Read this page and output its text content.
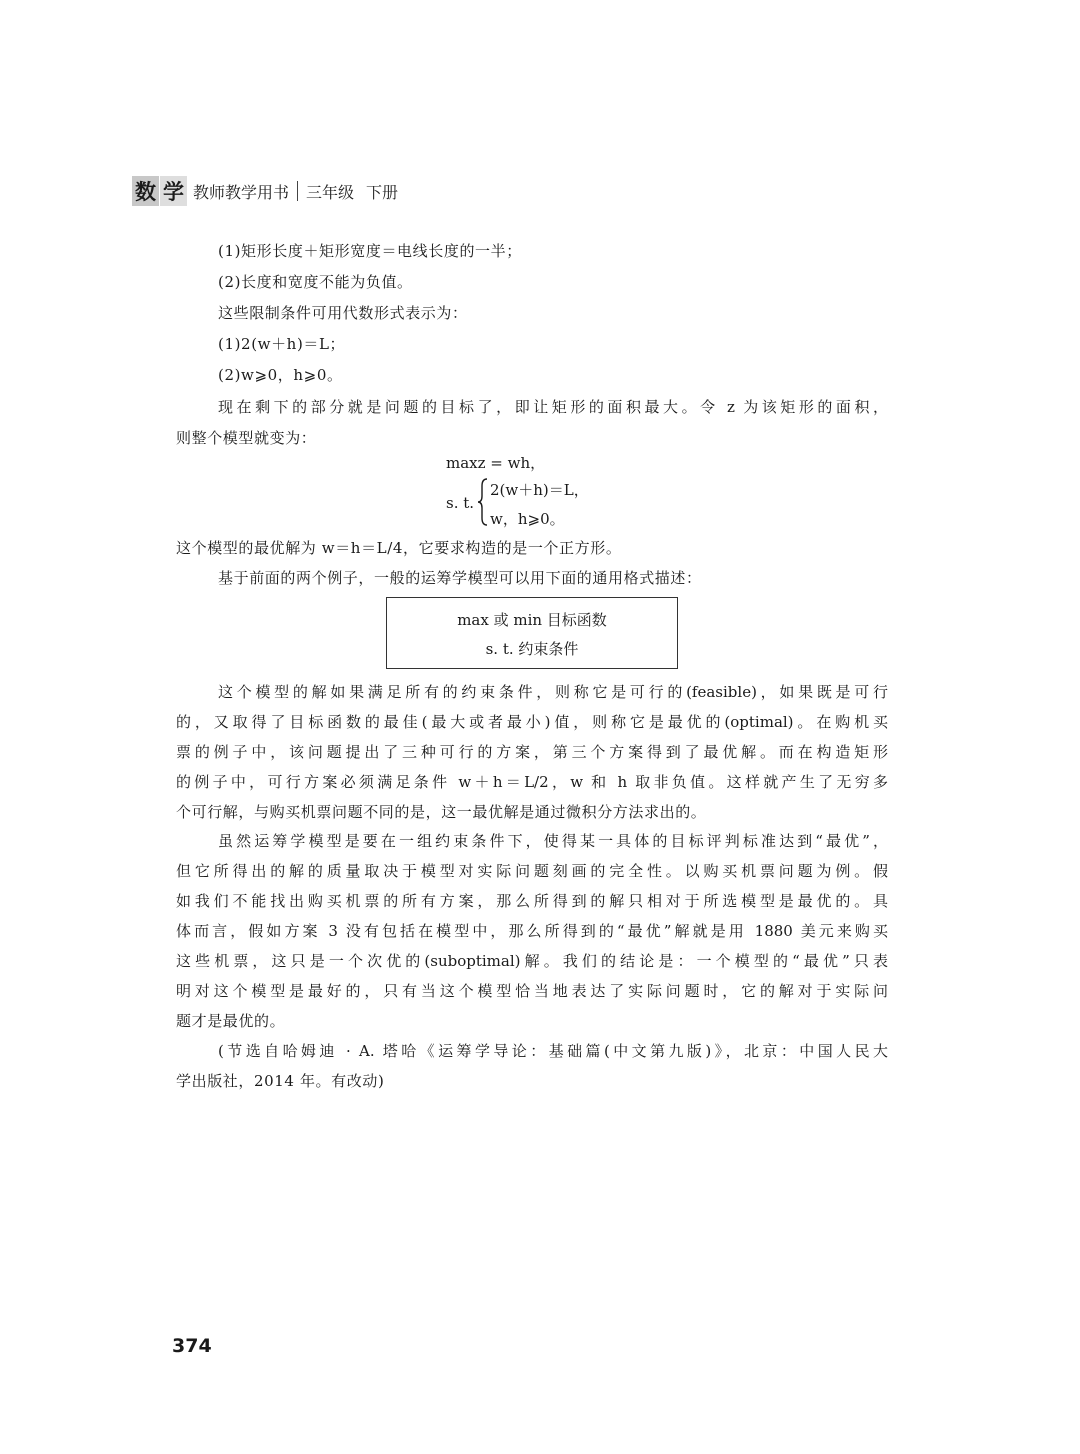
数 学 教师教学用书 三年级 下册
(1)矩形长度＋矩形宽度＝电线长度的一半；
(2)长度和宽度不能为负值。
这些限制条件可用代数形式表示为：
(1)2(w＋h)＝L；
(2)w⩾0，h⩾0。
现在剩下的部分就是问题的目标了，即让矩形的面积最大。令 z 为该矩形的面积，
则整个模型就变为：
maxz = wh，
s. t.
2(w＋h)＝L，
w，h⩾0。
这个模型的最优解为 w＝h＝L/4，它要求构造的是一个正方形。
基于前面的两个例子，一般的运筹学模型可以用下面的通用格式描述：
max 或 min 目标函数
s. t. 约束条件
这个模型的解如果满足所有的约束条件，则称它是可行的(feasible)，如果既是可行
的，又取得了目标函数的最佳(最大或者最小)值，则称它是最优的(optimal)。在购机买
票的例子中，该问题提出了三种可行的方案，第三个方案得到了最优解。而在构造矩形
的例子中，可行方案必须满足条件 w＋h＝L/2，w 和 h 取非负值。这样就产生了无穷多
个可行解，与购买机票问题不同的是，这一最优解是通过微积分方法求出的。
虽然运筹学模型是要在一组约束条件下，使得某一具体的目标评判标准达到“最优”，
但它所得出的解的质量取决于模型对实际问题刻画的完全性。以购买机票问题为例。假
如我们不能找出购买机票的所有方案，那么所得到的解只相对于所选模型是最优的。具
体而言，假如方案 3 没有包括在模型中，那么所得到的“最优”解就是用 1880 美元来购买
这些机票，这只是一个次优的(suboptimal)解。我们的结论是：一个模型的“最优”只表
明对这个模型是最好的，只有当这个模型恰当地表达了实际问题时，它的解对于实际问
题才是最优的。
(节选自哈姆迪 · A. 塔哈《运筹学导论：基础篇(中文第九版)》，北京：中国人民大
学出版社，2014 年。有改动)
374
